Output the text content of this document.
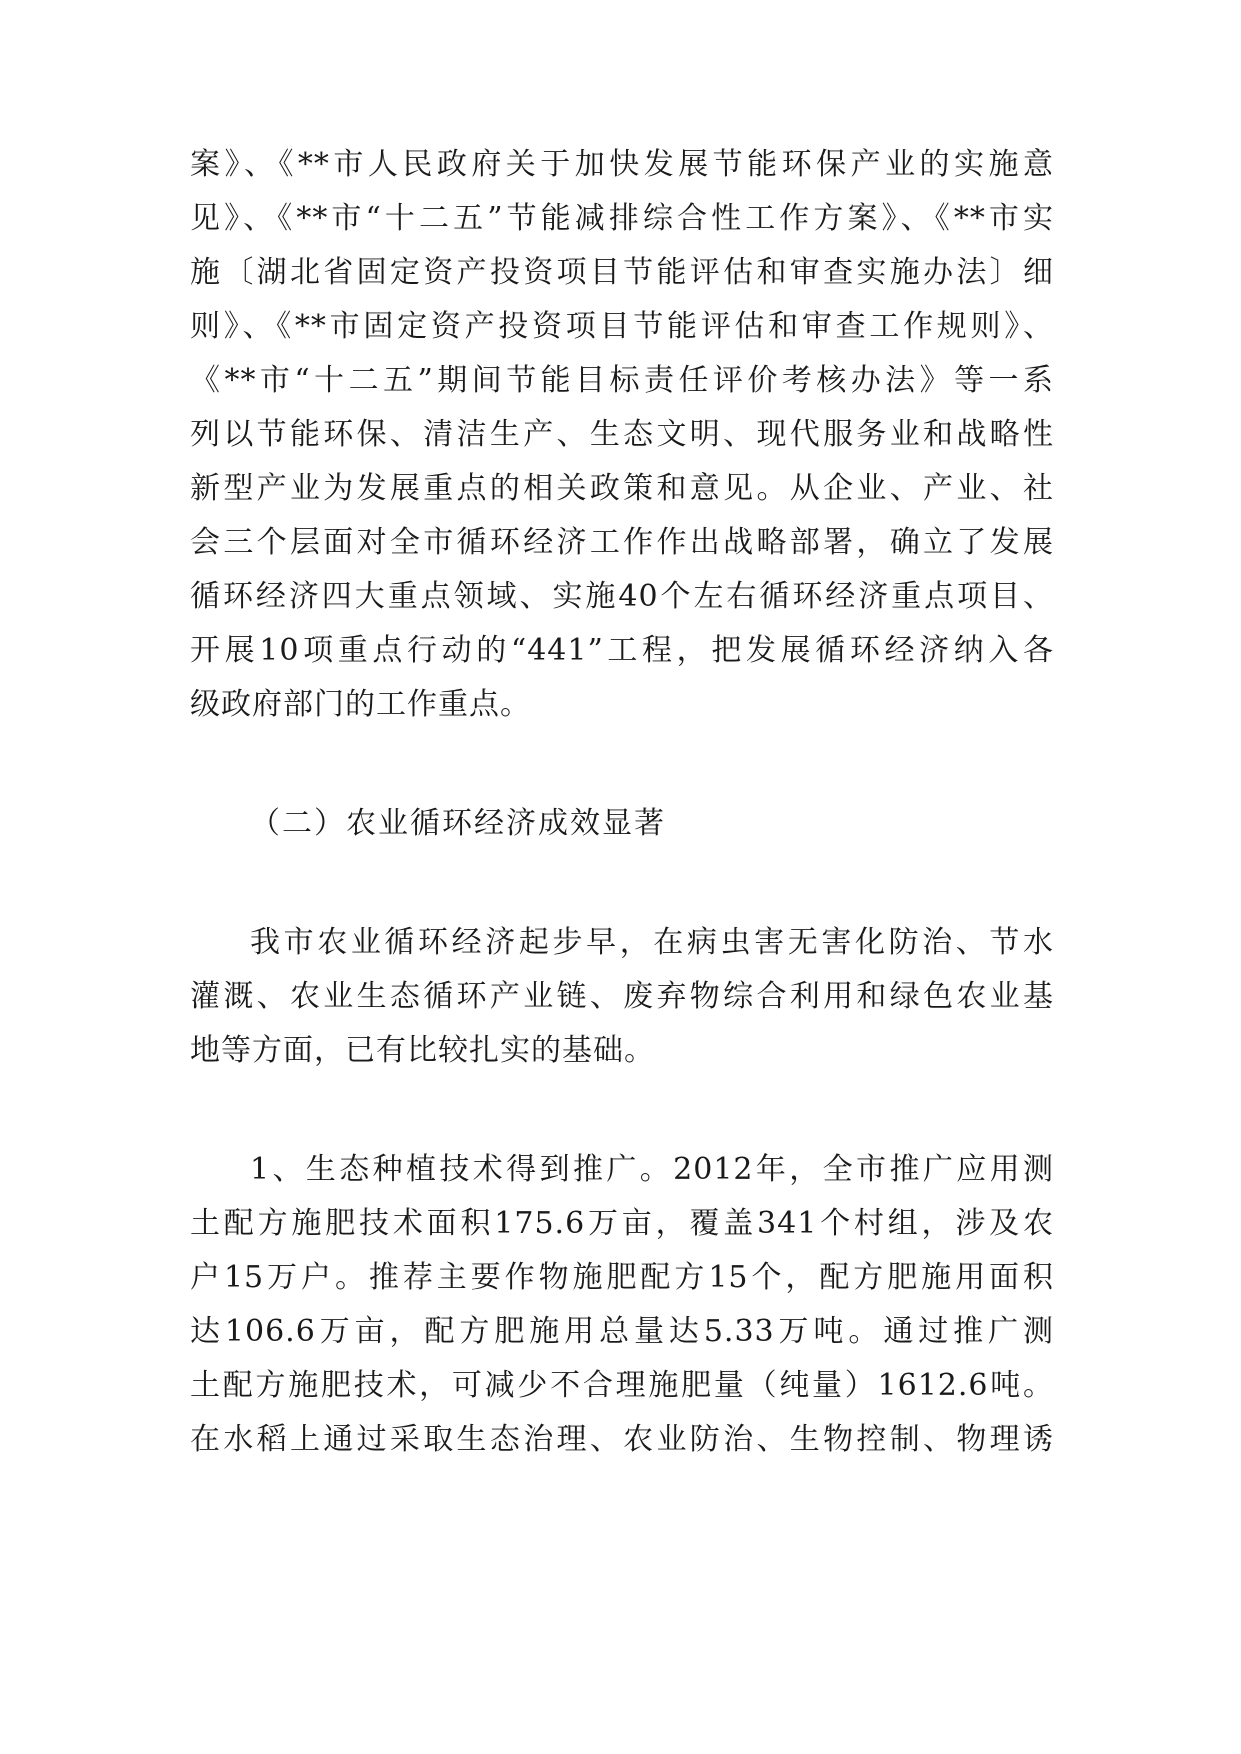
案》、《**市人民政府关于加快发展节能环保产业的实施意
见》、《**市“十二五”节能减排综合性工作方案》、《**市实
施〔湖北省固定资产投资项目节能评估和审查实施办法〕细
则》、《**市固定资产投资项目节能评估和审查工作规则》、
《**市“十二五”期间节能目标责任评价考核办法》等一系
列以节能环保、清洁生产、生态文明、现代服务业和战略性
新型产业为发展重点的相关政策和意见。从企业、产业、社
会三个层面对全市循环经济工作作出战略部署，确立了发展
循环经济四大重点领域、实施40个左右循环经济重点项目、
开展10项重点行动的“441”工程，把发展循环经济纳入各
级政府部门的工作重点。
（二）农业循环经济成效显著
我市农业循环经济起步早，在病虫害无害化防治、节水
灌溉、农业生态循环产业链、废弃物综合利用和绿色农业基
地等方面，已有比较扎实的基础。
1、生态种植技术得到推广。2012年，全市推广应用测
土配方施肥技术面积175.6万亩，覆盖341个村组，涉及农
户15万户。推荐主要作物施肥配方15个，配方肥施用面积
达106.6万亩，配方肥施用总量达5.33万吨。通过推广测
土配方施肥技术，可减少不合理施肥量（纯量）1612.6吨。
在水稻上通过采取生态治理、农业防治、生物控制、物理诱
